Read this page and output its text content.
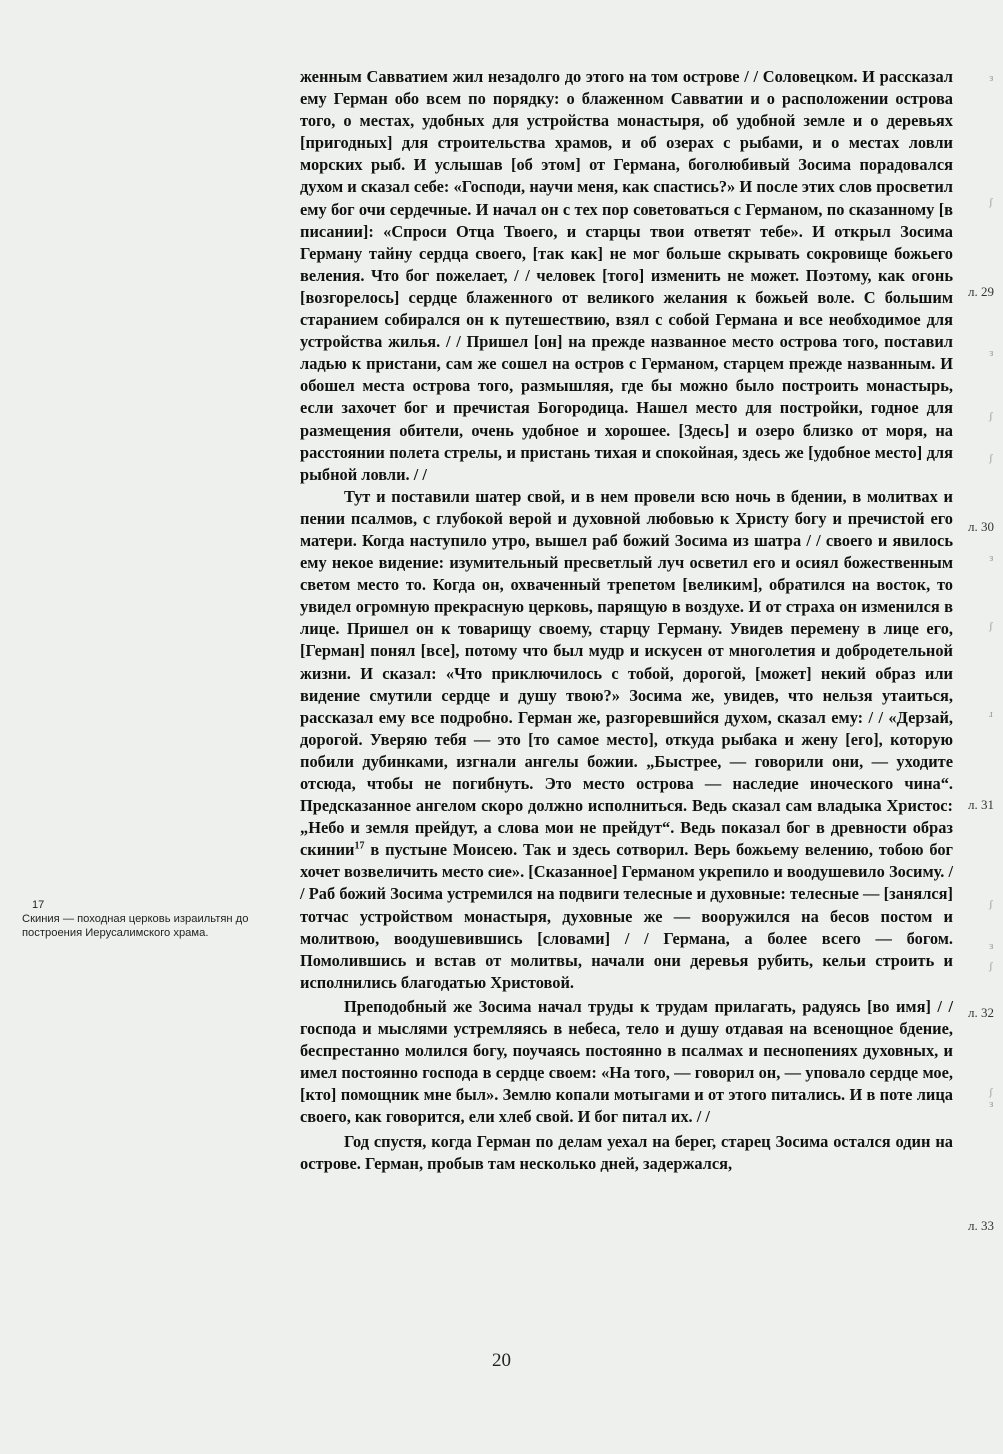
женным Савватием жил незадолго до этого на том острове / / Соловецком. И рассказал ему Герман обо всем по порядку: о блаженном Савватии и о расположении острова того, о местах, удобных для устройства монастыря, об удобной земле и о деревьях [пригодных] для строительства храмов, и об озерах с рыбами, и о местах ловли морских рыб. И услышав [об этом] от Германа, боголюбивый Зосима порадовался духом и сказал себе: «Господи, научи меня, как спастись?» И после этих слов просветил ему бог очи сердечные. И начал он с тех пор советоваться с Германом, по сказанному [в писании]: «Спроси Отца Твоего, и старцы твои ответят тебе». И открыл Зосима Герману тайну сердца своего, [так как] не мог больше скрывать сокровище божьего веления. Что бог пожелает, / / человек [того] изменить не может. Поэтому, как огонь [возгорелось] сердце блаженного от великого желания к божьей воле. С большим старанием собирался он к путешествию, взял с собой Германа и все необходимое для устройства жилья. / / Пришел [он] на прежде названное место острова того, поставил ладью к пристани, сам же сошел на остров с Германом, старцем прежде названным. И обошел места острова того, размышляя, где бы можно было построить монастырь, если захочет бог и пречистая Богородица. Нашел место для постройки, годное для размещения обители, очень удобное и хорошее. [Здесь] и озеро близко от моря, на расстоянии полета стрелы, и пристань тихая и спокойная, здесь же [удобное место] для рыбной ловли. / /

Тут и поставили шатер свой, и в нем провели всю ночь в бдении, в молитвах и пении псалмов, с глубокой верой и духовной любовью к Христу богу и пречистой его матери. Когда наступило утро, вышел раб божий Зосима из шатра / / своего и явилось ему некое видение: изумительный пресветлый луч осветил его и осиял божественным светом место то. Когда он, охваченный трепетом [великим], обратился на восток, то увидел огромную прекрасную церковь, парящую в воздухе. И от страха он изменился в лице. Пришел он к товарищу своему, старцу Герману. Увидев перемену в лице его, [Герман] понял [все], потому что был мудр и искусен от многолетия и добродетельной жизни. И сказал: «Что приключилось с тобой, дорогой, [может] некий образ или видение смутили сердце и душу твою?» Зосима же, увидев, что нельзя утаиться, рассказал ему все подробно. Герман же, разгоревшийся духом, сказал ему: / / «Дерзай, дорогой. Уверяю тебя — это [то самое место], откуда рыбака и жену [его], которую побили дубинками, изгнали ангелы божии. „Быстрее, — говорили они, — уходите отсюда, чтобы не погибнуть. Это место острова — наследие иноческого чина“. Предсказанное ангелом скоро должно исполниться. Ведь сказал сам владыка Христос: „Небо и земля прейдут, а слова мои не прейдут“. Ведь показал бог в древности образ скинии$^{17}$ в пустыне Моисею. Так и здесь сотворил. Верь божьему велению, тобою бог хочет возвеличить место сие». [Сказанное] Германом укрепило и воодушевило Зосиму. / / Раб божий Зосима устремился на подвиги телесные и духовные: телесные — [занялся] тотчас устройством монастыря, духовные же — вооружился на бесов постом и молитвою, воодушевившись [словами] / / Германа, а более всего — богом. Помолившись и встав от молитвы, начали они деревья рубить, кельи строить и исполнились благодатью Христовой.

Преподобный же Зосима начал труды к трудам прилагать, радуясь [во имя] / / господа и мыслями устремляясь в небеса, тело и душу отдавая на всенощное бдение, беспрестанно молился богу, поучаясь постоянно в псалмах и песнопениях духовных, и имел постоянно господа в сердце своем: «На того, — говорил он, — уповало сердце мое, [кто] помощник мне был». Землю копали мотыгами и от этого питались. И в поте лица своего, как говорится, ели хлеб свой. И бог питал их. / /

Год спустя, когда Герман по делам уехал на берег, старец Зосима остался один на острове. Герман, пробыв там несколько дней, задержался,

17
Скиния — походная церковь израильтян до построения Иерусалимского храма.
л. 29
л. 30
л. 31
л. 32
л. 33
з
ʃ
з
ʃ
ʃ
з
ʃ
ɹ
ʃ
ʃ
з
ʃ
з
20
